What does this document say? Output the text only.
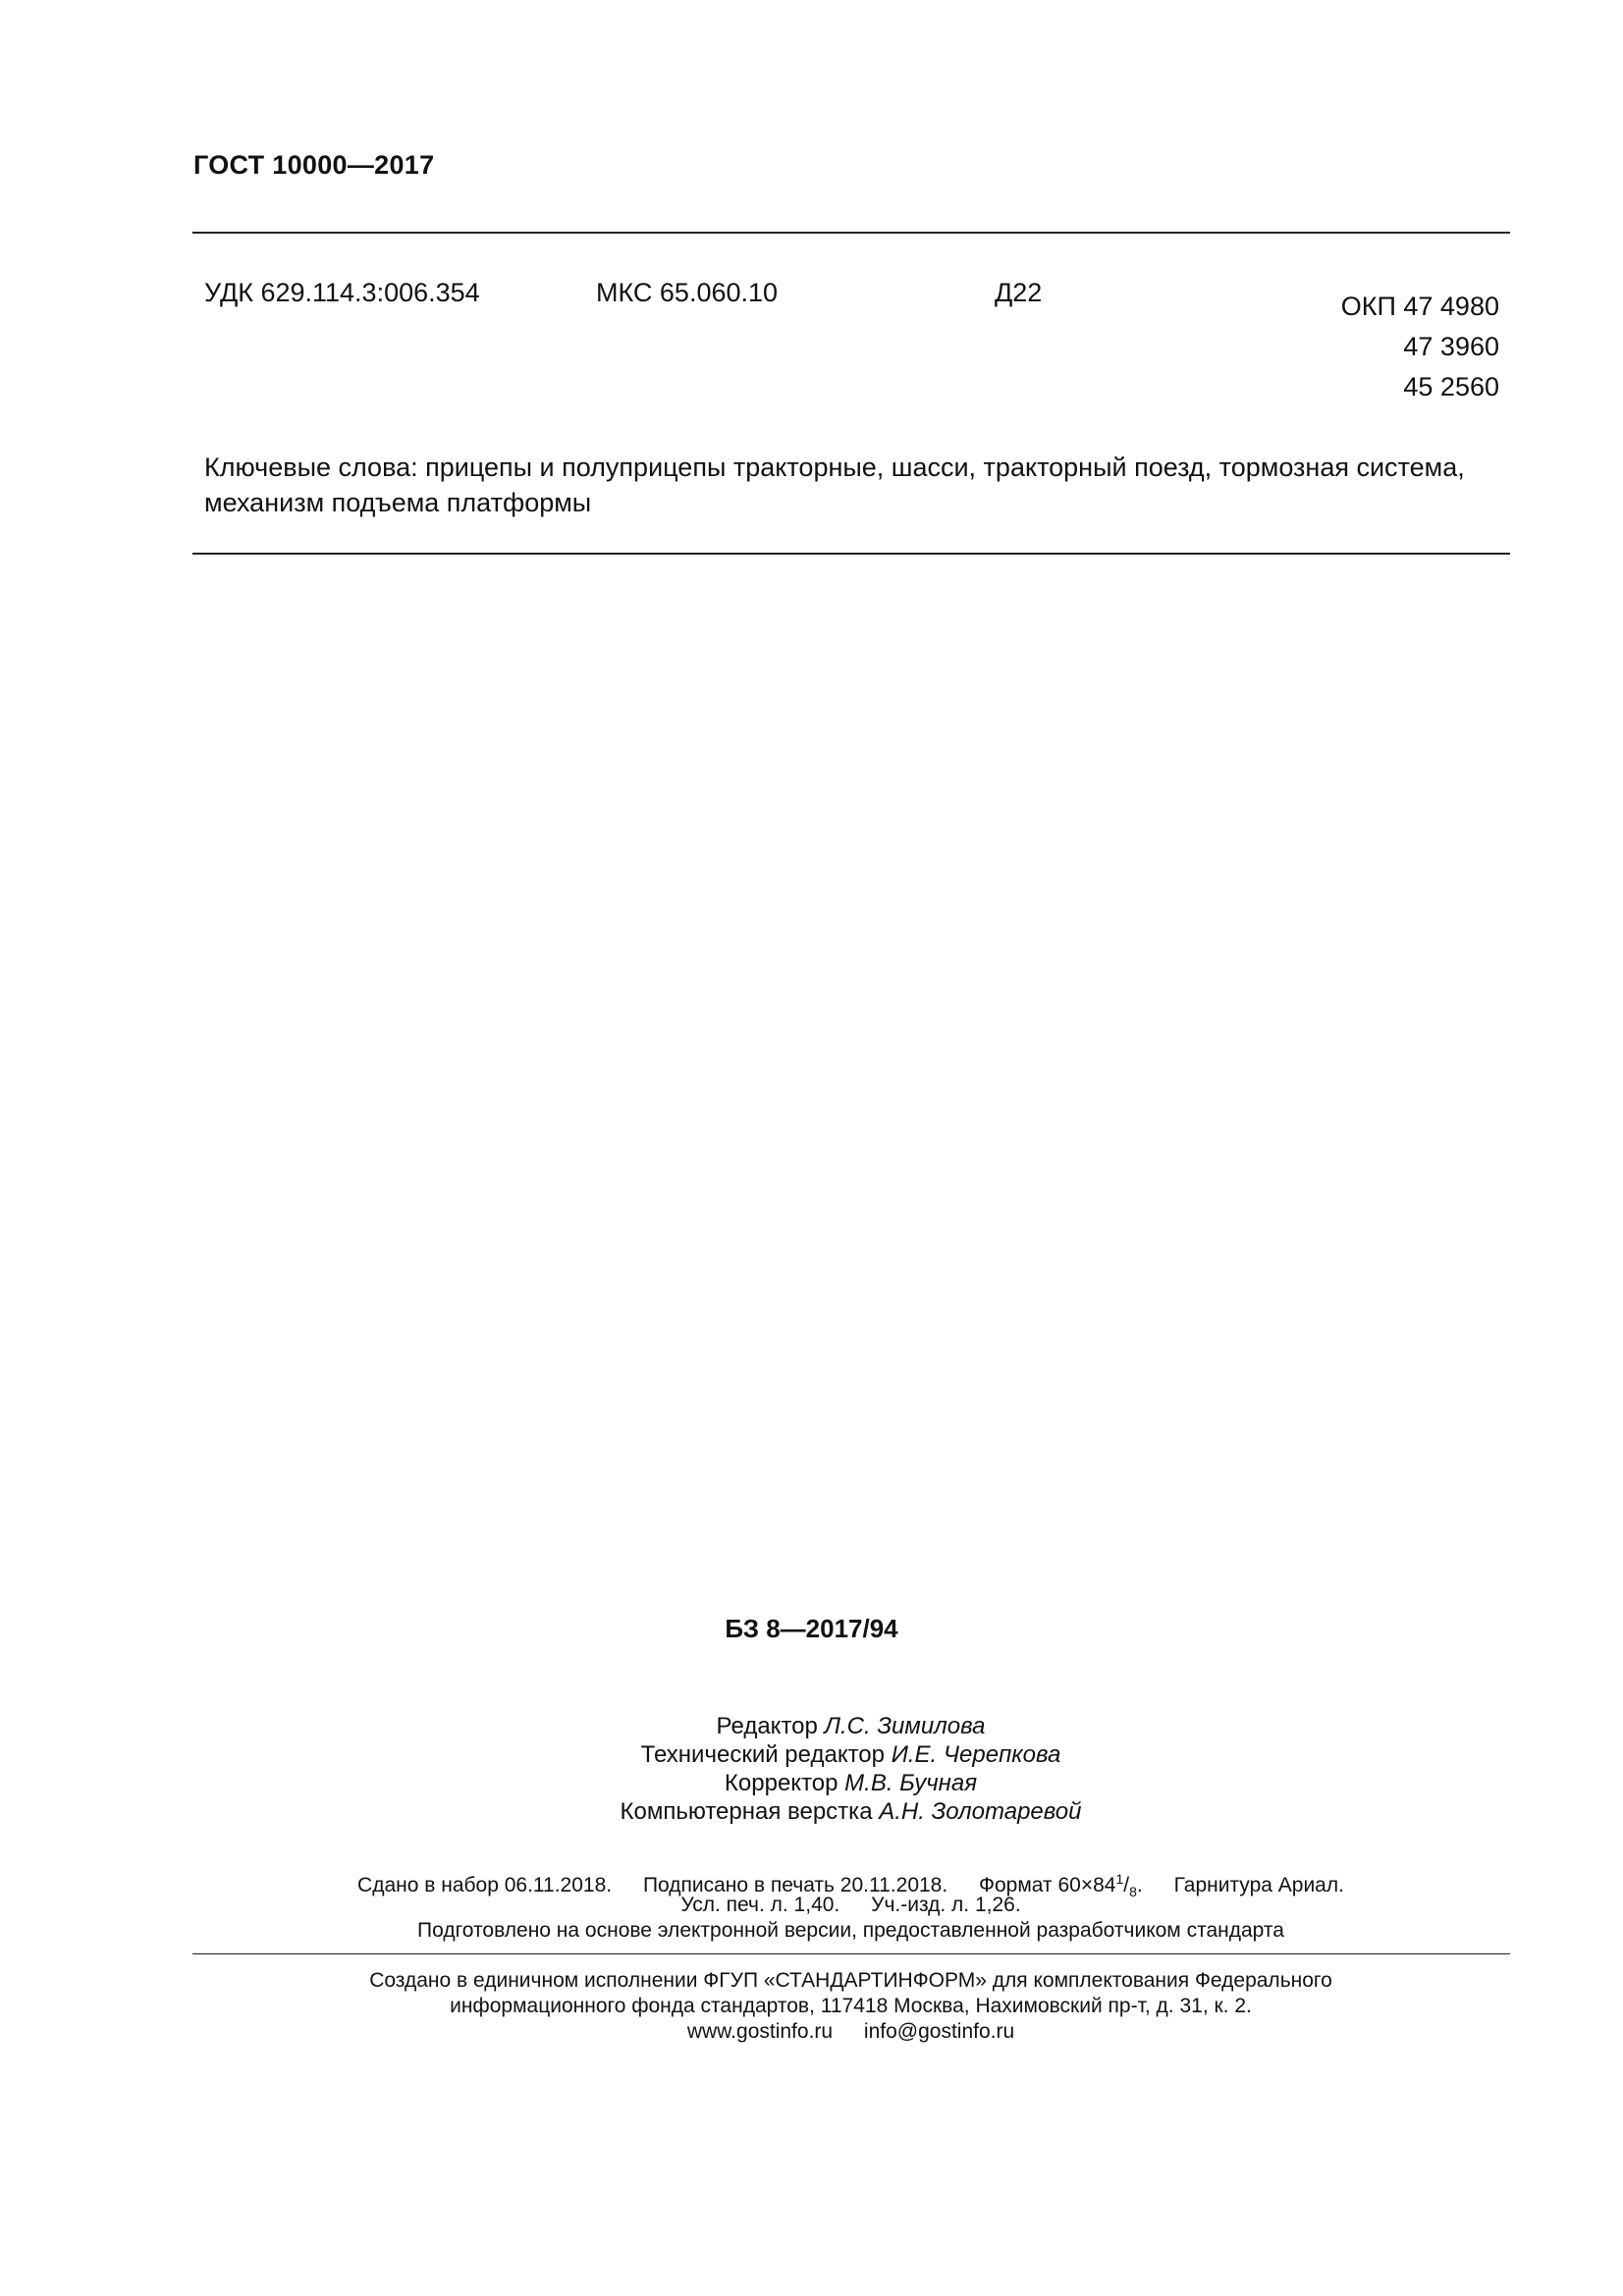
ГОСТ 10000—2017
УДК 629.114.3:006.354	МКС 65.060.10	Д22	ОКП 47 4980
47 3960
45 2560
Ключевые слова: прицепы и полуприцепы тракторные, шасси, тракторный поезд, тормозная система,
механизм подъема платформы
БЗ 8—2017/94
Редактор Л.С. Зимилова
Технический редактор И.Е. Черепкова
Корректор М.В. Бучная
Компьютерная верстка А.Н. Золотаревой
Сдано в набор 06.11.2018. Подписано в печать 20.11.2018. Формат $60\times 84^1/_8$. Гарнитура Ариал.
Усл. печ. л. 1,40. Уч.-изд. л. 1,26.
Подготовлено на основе электронной версии, предоставленной разработчиком стандарта
Создано в единичном исполнении ФГУП «СТАНДАРТИНФОРМ» для комплектования Федерального
информационного фонда стандартов, 117418 Москва, Нахимовский пр-т, д. 31, к. 2.
www.gostinfo.ru info@gostinfo.ru
